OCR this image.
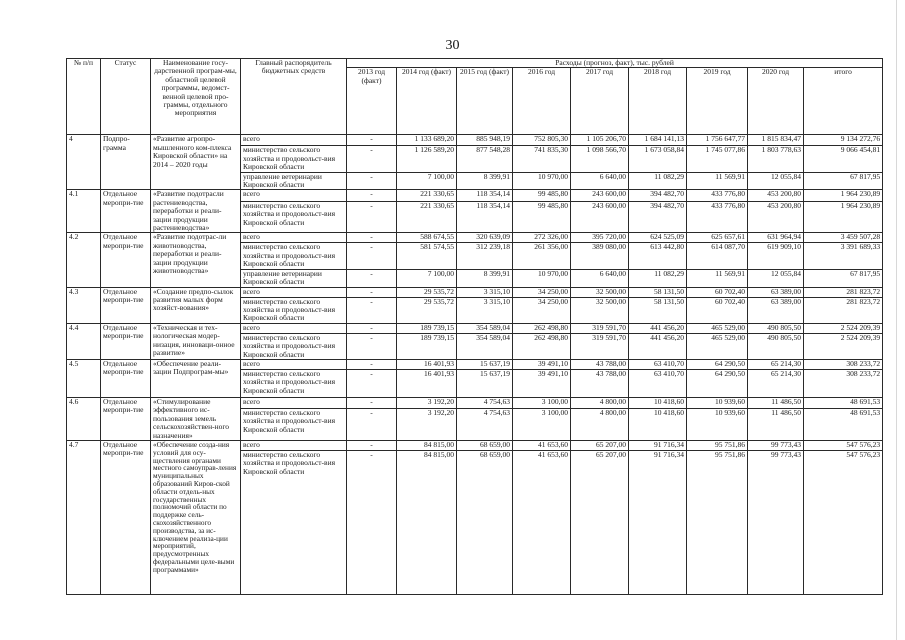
30
№ п/п	Статус	Наименование госу-дарственной програм-мы, областной целевой программы, ведомст-венной целевой про-граммы, отдельного мероприятия	Главный распорядитель бюджетных средств	Расходы (прогноз, факт), тыс. рублей								
				2013 год (факт)	2014 год (факт)	2015 год (факт)	2016 год	2017 год	2018 год	2019 год	2020 год	итого
4	Подпро-грамма	«Развитие агропро-мышленного ком-плекса Кировской области» на 2014 – 2020 годы	всего	-	1 133 689,20	885 948,19	752 805,30	1 105 206,70	1 684 141,13	1 756 647,77	1 815 834,47	9 134 272,76
			министерство сельского хозяйства и продовольст-вия Кировской области	-	1 126 589,20	877 548,28	741 835,30	1 098 566,70	1 673 058,84	1 745 077,86	1 803 778,63	9 066 454,81
			управление ветеринарии Кировской области	-	7 100,00	8 399,91	10 970,00	6 640,00	11 082,29	11 569,91	12 055,84	67 817,95
4.1	Отдельное меропри-тие	«Развитие подотрасли растениеводства, переработки и реали-зации продукции растениеводства»	всего	-	221 330,65	118 354,14	99 485,80	243 600,00	394 482,70	433 776,80	453 200,80	1 964 230,89
			министерство сельского хозяйства и продовольст-вия Кировской области	-	221 330,65	118 354,14	99 485,80	243 600,00	394 482,70	433 776,80	453 200,80	1 964 230,89
4.2	Отдельное меропри-тие	«Развитие подотрас-ли животноводства, переработки и реали-зации продукции животноводства»	всего	-	588 674,55	320 639,09	272 326,00	395 720,00	624 525,09	625 657,61	631 964,94	3 459 507,28
			министерство сельского хозяйства и продовольст-вия Кировской области	-	581 574,55	312 239,18	261 356,00	389 080,00	613 442,80	614 087,70	619 909,10	3 391 689,33
			управление ветеринарии Кировской области	-	7 100,00	8 399,91	10 970,00	6 640,00	11 082,29	11 569,91	12 055,84	67 817,95
4.3	Отдельное меропри-тие	«Создание предпо-сылок развития малых форм хозяйст-вования»	всего	-	29 535,72	3 315,10	34 250,00	32 500,00	58 131,50	60 702,40	63 389,00	281 823,72
			министерство сельского хозяйства и продовольст-вия Кировской области	-	29 535,72	3 315,10	34 250,00	32 500,00	58 131,50	60 702,40	63 389,00	281 823,72
4.4	Отдельное меропри-тие	«Техническая и тех-нологическая модер-низация, инноваци-онное развитие»	всего	-	189 739,15	354 589,04	262 498,80	319 591,70	441 456,20	465 529,00	490 805,50	2 524 209,39
			министерство сельского хозяйства и продовольст-вия Кировской области	-	189 739,15	354 589,04	262 498,80	319 591,70	441 456,20	465 529,00	490 805,50	2 524 209,39
4.5	Отдельное меропри-тие	«Обеспечение реали-зации Подпрограм-мы»	всего	-	16 401,93	15 637,19	39 491,10	43 788,00	63 410,70	64 290,50	65 214,30	308 233,72
			министерство сельского хозяйства и продовольст-вия Кировской области	-	16 401,93	15 637,19	39 491,10	43 788,00	63 410,70	64 290,50	65 214,30	308 233,72
4.6	Отдельное меропри-тие	«Стимулирование эффективного ис-пользования земель сельскохозяйствен-ного назначения»	всего	-	3 192,20	4 754,63	3 100,00	4 800,00	10 418,60	10 939,60	11 486,50	48 691,53
			министерство сельского хозяйства и продовольст-вия Кировской области	-	3 192,20	4 754,63	3 100,00	4 800,00	10 418,60	10 939,60	11 486,50	48 691,53
4.7	Отдельное меропри-тие	«Обеспечение созда-ния условий для осу-ществления органами местного самоуправ-ления муниципальных образований Киров-ской области отдель-ных государственных полномочий области по поддержке сель-скохозяйственного производства, за ис-ключением реализа-ции мероприятий, предусмотренных федеральными целе-выми программами»	всего	-	84 815,00	68 659,00	41 653,60	65 207,00	91 716,34	95 751,86	99 773,43	547 576,23
			министерство сельского хозяйства и продовольст-вия Кировской области	-	84 815,00	68 659,00	41 653,60	65 207,00	91 716,34	95 751,86	99 773,43	547 576,23
